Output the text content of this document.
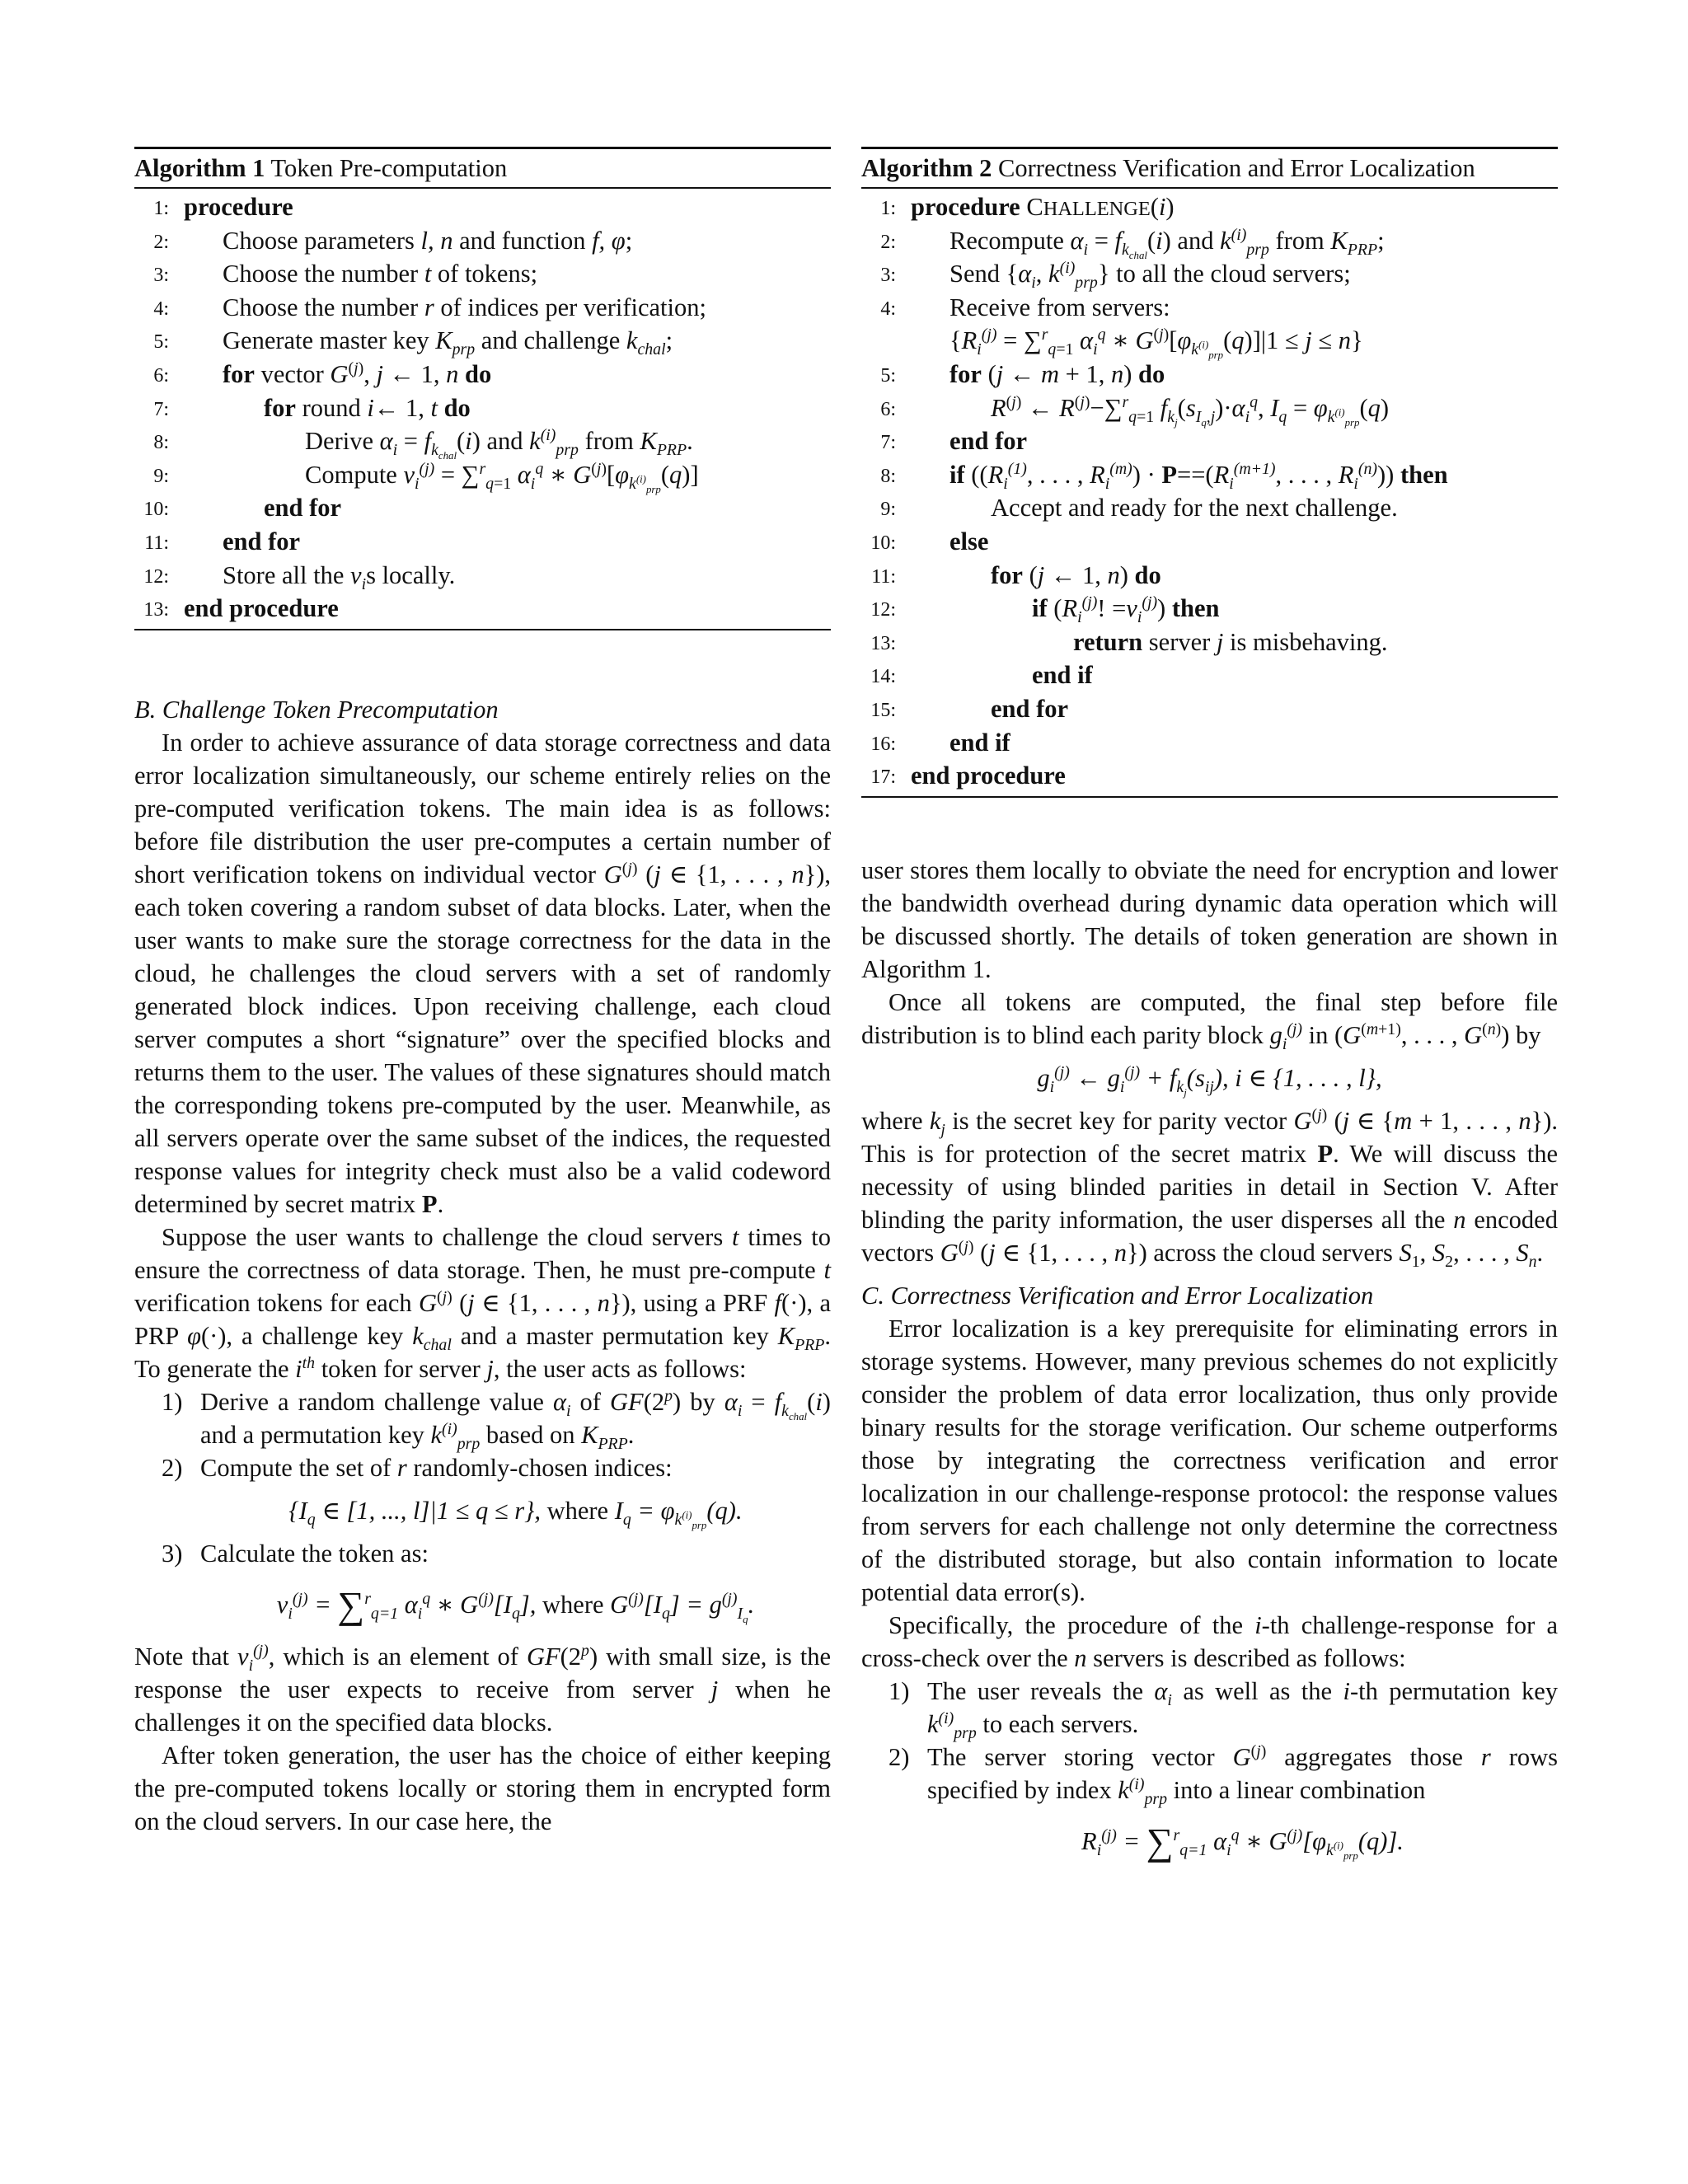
Algorithm 1 Token Pre-computation
1: procedure
2: Choose parameters l, n and function f, φ;
3: Choose the number t of tokens;
4: Choose the number r of indices per verification;
5: Generate master key $K_{prp}$ and challenge $k_{chal}$;
6: for vector $G^{(j)}$, j ← 1, n do
7:	for round i← 1, t do
8:	Derive $\alpha_i = f_{k_{chal}}(i)$ and $k^{(i)}_{prp}$ from $K_{PRP}$.
9:	Compute $v_i^{(j)} = \sum^r_{q=1}$ $\alpha_i^q$ ∗ $G^{(j)}[\varphi_{k^{(i)}_{prp}}(q)]$
10:	end for
11: end for
12: Store all the $v_is$ locally.
13: end procedure
B. Challenge Token Precomputation

In order to achieve assurance of data storage correctness and data error localization simultaneously, our scheme entirely relies on the pre-computed verification tokens. The main idea is as follows: before file distribution the user pre-computes a certain number of short verification tokens on individual vector $G^{(j)}$ (j ∈ {1, . . . , n}), each token covering a random subset of data blocks. Later, when the user wants to make sure the storage correctness for the data in the cloud, he challenges the cloud servers with a set of randomly generated block indices. Upon receiving challenge, each cloud server computes a short “signature” over the specified blocks and returns them to the user. The values of these signatures should match the corresponding tokens pre-computed by the user. Meanwhile, as all servers operate over the same subset of the indices, the requested response values for integrity check must also be a valid codeword determined by secret matrix P.

Suppose the user wants to challenge the cloud servers t times to ensure the correctness of data storage. Then, he must pre-compute t verification tokens for each $G^{(j)}$ (j ∈ {1, . . . , n}), using a PRF f(·), a PRP φ(·), a challenge key $k_{chal}$ and a master permutation key $K_{PRP}$. To generate the $i^{th}$ token for server j, the user acts as follows:

1) Derive a random challenge value $\alpha_i$ of GF(2$^p$) by $\alpha_i = f_{k_{chal}}(i)$ and a permutation key $k^{(i)}_{prp}$ based on $K_{PRP}$.
2) Compute the set of r randomly-chosen indices:
{$I_q$ ∈ [1, ..., l]|1 ≤ q ≤ r}, where $I_q = \varphi_{k^{(i)}_{prp}}(q)$.
3) Calculate the token as:
$v_i^{(j)} = \sum^r_{q=1}$ $\alpha_i^q$ ∗ $G^{(j)}[I_q]$, where $G^{(j)}[I_q] = g^{(j)}_{I_q}$.

Note that $v_i^{(j)}$, which is an element of GF(2$^p$) with small size, is the response the user expects to receive from server j when he challenges it on the specified data blocks.

After token generation, the user has the choice of either keeping the pre-computed tokens locally or storing them in encrypted form on the cloud servers. In our case here, the

Algorithm 2 Correctness Verification and Error Localization
1: procedure CHALLENGE(i)
2: Recompute $\alpha_i = f_{k_{chal}}(i)$ and $k^{(i)}_{prp}$ from $K_{PRP}$;
3: Send {$\alpha_i$, $k^{(i)}_{prp}$} to all the cloud servers;
4: Receive from servers:
{$R_i^{(j)} = \sum^r_{q=1}$ $\alpha_i^q$ ∗ $G^{(j)}[\varphi_{k^{(i)}_{prp}}(q)]|1 \le j \le n$}
5: for (j ← m + 1, n) do
6:	$R^{(j)}$ ← $R^{(j)}-\sum^r_{q=1}$ $f_{k_j}(s_{I_q,j})\cdot\alpha_i^q$, $I_q = \varphi_{k^{(i)}_{prp}}(q)$
7: end for
8: if (($R_i^{(1)}$, . . . , $R_i^{(m)}) \cdot P==(R_i^{(m+1)}$, . . . , $R_i^{(n)}$)) then
9:	Accept and ready for the next challenge.
10: else
11:	for (j ← 1, n) do
12:	if ($R_i^{(j)}$! $=v_i^{(j)}$) then
13:	return server j is misbehaving.
14:	end if
15:	end for
16: end if
17: end procedure

user stores them locally to obviate the need for encryption and lower the bandwidth overhead during dynamic data operation which will be discussed shortly. The details of token generation are shown in Algorithm 1.

Once all tokens are computed, the final step before file distribution is to blind each parity block $g_i^{(j)}$ in ($G^{(m+1)}$, . . . , $G^{(n)}$) by

$g_i^{(j)}$ ← $g_i^{(j)} + f_{k_j}(s_{ij})$, i ∈ {1, . . . , l},

where $k_j$ is the secret key for parity vector $G^{(j)}$ (j ∈ {m + 1, . . . , n}). This is for protection of the secret matrix P. We will discuss the necessity of using blinded parities in detail in Section V. After blinding the parity information, the user disperses all the n encoded vectors $G^{(j)}$ (j ∈ {1, . . . , n}) across the cloud servers $S_1$, $S_2$, . . . , $S_n$.

C. Correctness Verification and Error Localization

Error localization is a key prerequisite for eliminating errors in storage systems. However, many previous schemes do not explicitly consider the problem of data error localization, thus only provide binary results for the storage verification. Our scheme outperforms those by integrating the correctness verification and error localization in our challenge-response protocol: the response values from servers for each challenge not only determine the correctness of the distributed storage, but also contain information to locate potential data error(s).

Specifically, the procedure of the i-th challenge-response for a cross-check over the n servers is described as follows:

1) The user reveals the $\alpha_i$ as well as the i-th permutation key $k^{(i)}_{prp}$ to each servers.
2) The server storing vector $G^{(j)}$ aggregates those r rows specified by index $k^{(i)}_{prp}$ into a linear combination
$R_i^{(j)} = \sum^r_{q=1}$ $\alpha_i^q$ ∗ $G^{(j)}[\varphi_{k^{(i)}_{prp}}(q)]$.
